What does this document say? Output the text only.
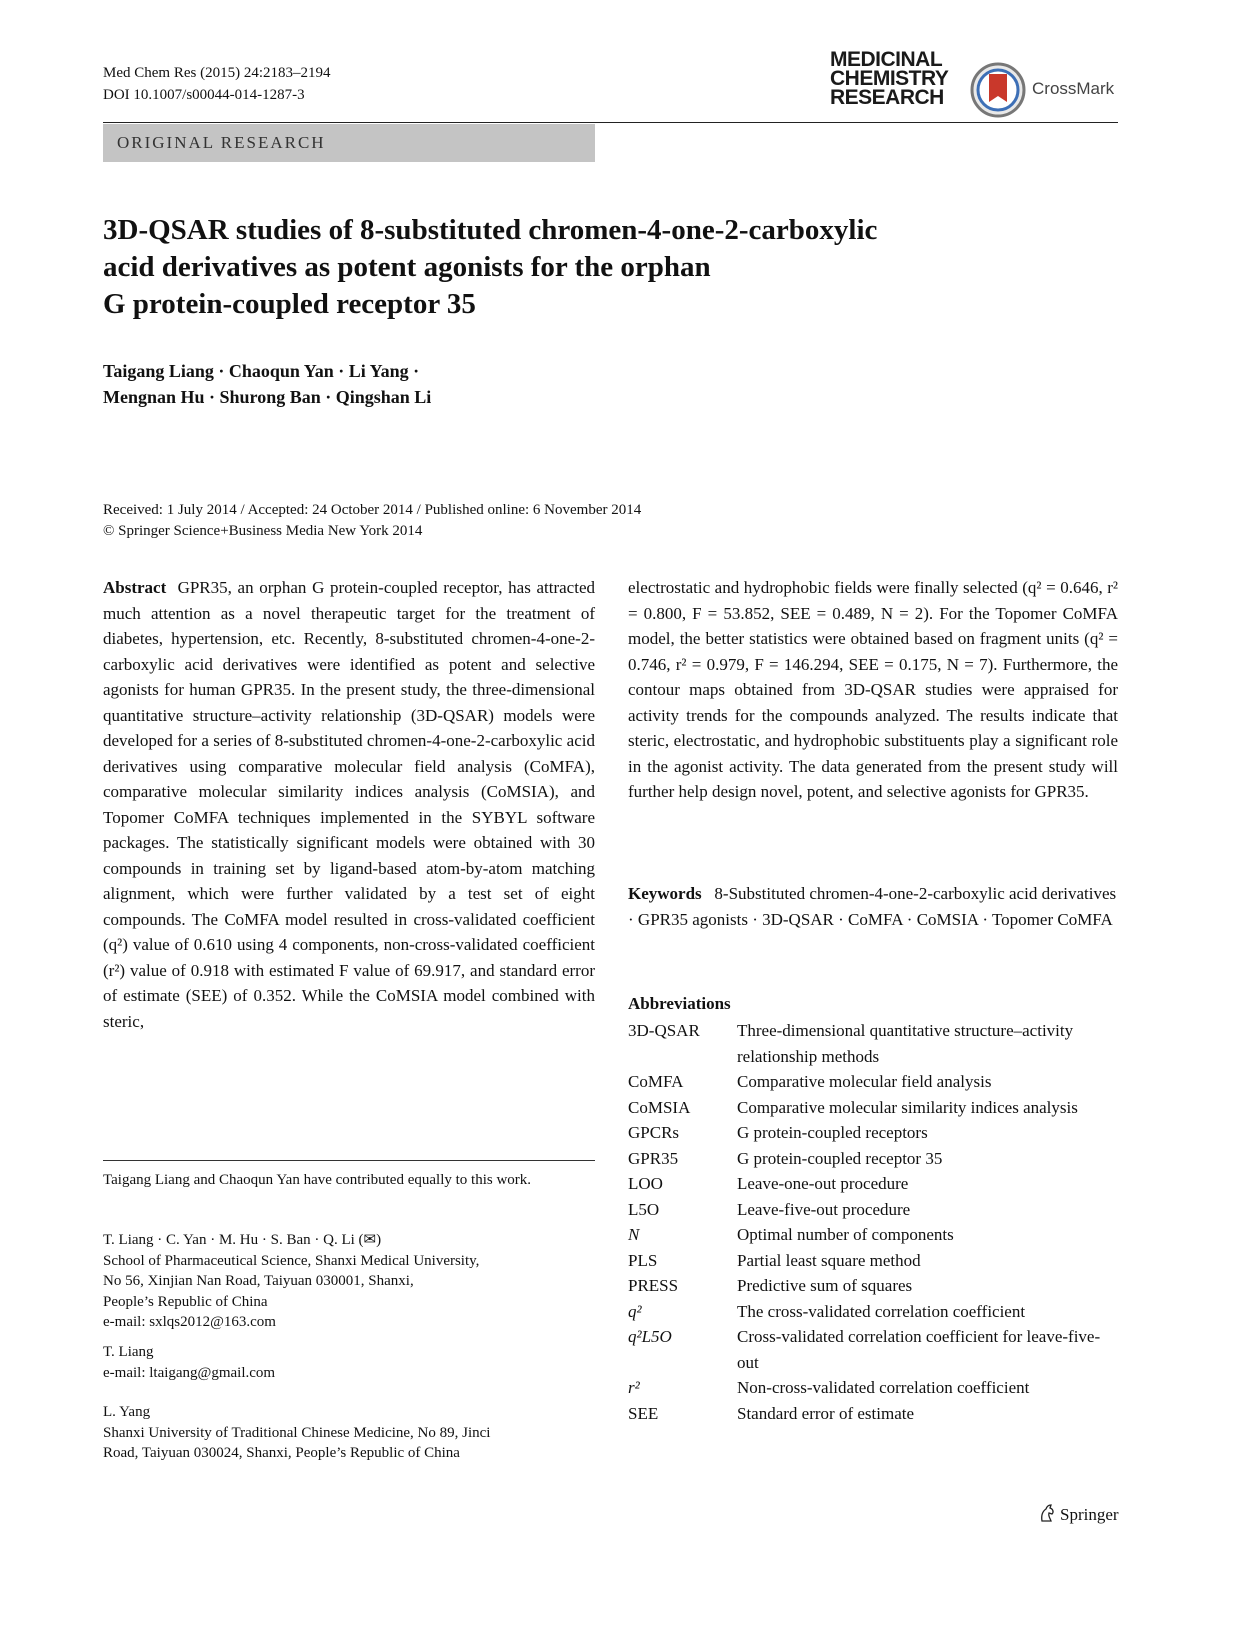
Med Chem Res (2015) 24:2183–2194
DOI 10.1007/s00044-014-1287-3
MEDICINAL
CHEMISTRY
RESEARCH	CrossMark
ORIGINAL RESEARCH
3D-QSAR studies of 8-substituted chromen-4-one-2-carboxylic
acid derivatives as potent agonists for the orphan
G protein-coupled receptor 35
Taigang Liang · Chaoqun Yan · Li Yang ·
Mengnan Hu · Shurong Ban · Qingshan Li
Received: 1 July 2014 / Accepted: 24 October 2014 / Published online: 6 November 2014
© Springer Science+Business Media New York 2014
Abstract GPR35, an orphan G protein-coupled receptor, has attracted much attention as a novel therapeutic target for the treatment of diabetes, hypertension, etc. Recently, 8-substituted chromen-4-one-2-carboxylic acid derivatives were identified as potent and selective agonists for human GPR35. In the present study, the three-dimensional quantitative structure–activity relationship (3D-QSAR) models were developed for a series of 8-substituted chromen-4-one-2-carboxylic acid derivatives using comparative molecular field analysis (CoMFA), comparative molecular similarity indices analysis (CoMSIA), and Topomer CoMFA techniques implemented in the SYBYL software packages. The statistically significant models were obtained with 30 compounds in training set by ligand-based atom-by-atom matching alignment, which were further validated by a test set of eight compounds. The CoMFA model resulted in cross-validated coefficient (q²) value of 0.610 using 4 components, non-cross-validated coefficient (r²) value of 0.918 with estimated F value of 69.917, and standard error of estimate (SEE) of 0.352. While the CoMSIA model combined with steric,
electrostatic and hydrophobic fields were finally selected (q² = 0.646, r² = 0.800, F = 53.852, SEE = 0.489, N = 2). For the Topomer CoMFA model, the better statistics were obtained based on fragment units (q² = 0.746, r² = 0.979, F = 146.294, SEE = 0.175, N = 7). Furthermore, the contour maps obtained from 3D-QSAR studies were appraised for activity trends for the compounds analyzed. The results indicate that steric, electrostatic, and hydrophobic substituents play a significant role in the agonist activity. The data generated from the present study will further help design novel, potent, and selective agonists for GPR35.
Keywords 8-Substituted chromen-4-one-2-carboxylic acid derivatives · GPR35 agonists · 3D-QSAR · CoMFA · CoMSIA · Topomer CoMFA
Abbreviations
3D-QSAR	Three-dimensional quantitative structure–activity relationship methods
CoMFA	Comparative molecular field analysis
CoMSIA	Comparative molecular similarity indices analysis
GPCRs	G protein-coupled receptors
GPR35	G protein-coupled receptor 35
LOO	Leave-one-out procedure
L5O	Leave-five-out procedure
N	Optimal number of components
PLS	Partial least square method
PRESS	Predictive sum of squares
q²	The cross-validated correlation coefficient
q²L5O	Cross-validated correlation coefficient for leave-five-out
r²	Non-cross-validated correlation coefficient
SEE	Standard error of estimate
Taigang Liang and Chaoqun Yan have contributed equally to this work.
T. Liang · C. Yan · M. Hu · S. Ban · Q. Li (✉)
School of Pharmaceutical Science, Shanxi Medical University,
No 56, Xinjian Nan Road, Taiyuan 030001, Shanxi,
People’s Republic of China
e-mail: sxlqs2012@163.com
T. Liang
e-mail: ltaigang@gmail.com
L. Yang
Shanxi University of Traditional Chinese Medicine, No 89, Jinci
Road, Taiyuan 030024, Shanxi, People’s Republic of China
Springer
